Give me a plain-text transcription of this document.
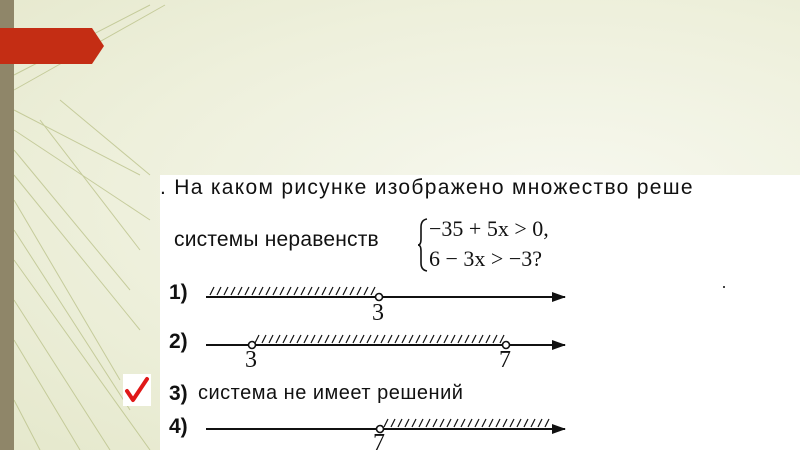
. На каком рисунке изображено множество реше
системы неравенств −35 + 5x > 0,
6 − 3x > −3?
1)
2)
3)
4)
система не имеет решений
3
3	7
7
